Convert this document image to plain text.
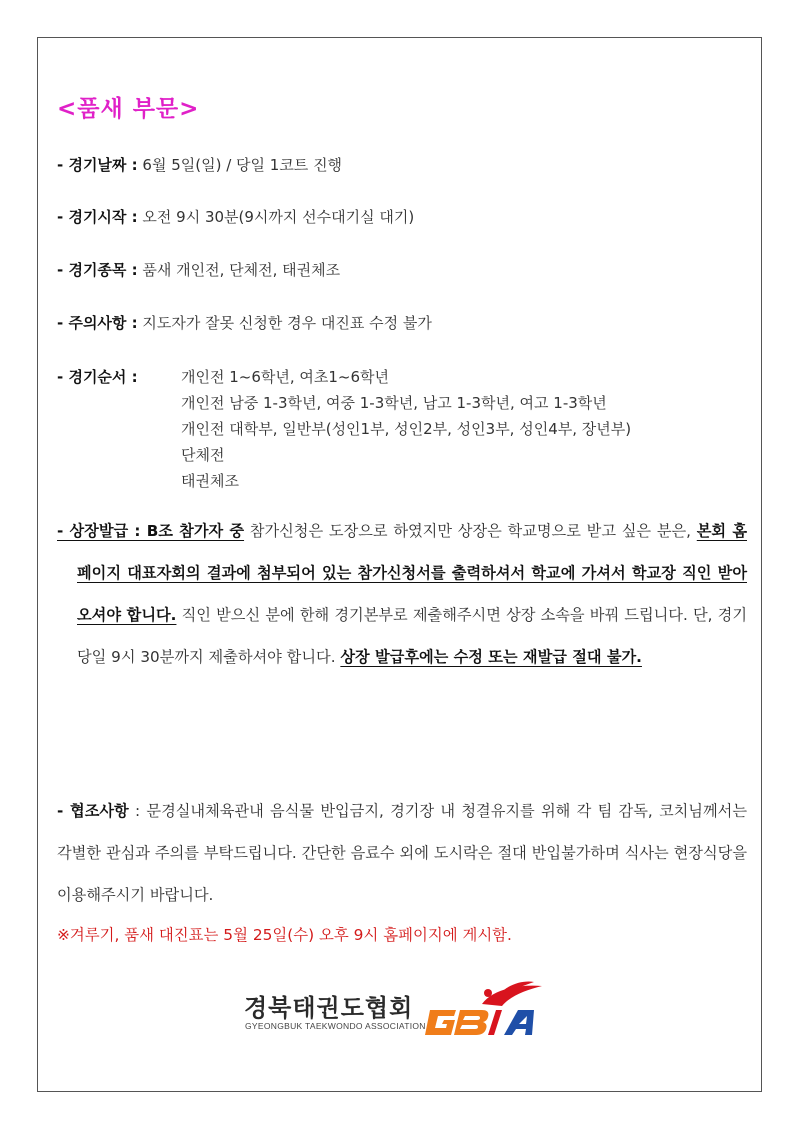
<품새 부문>
- 경기날짜 : 6월 5일(일) / 당일 1코트 진행
- 경기시작 : 오전 9시 30분(9시까지 선수대기실 대기)
- 경기종목 : 품새 개인전, 단체전, 태권체조
- 주의사항 : 지도자가 잘못 신청한 경우 대진표 수정 불가
- 경기순서 :	개인전 1~6학년, 여초1~6학년
개인전 남중 1-3학년, 여중 1-3학년, 남고 1-3학년, 여고 1-3학년
개인전 대학부, 일반부(성인1부, 성인2부, 성인3부, 성인4부, 장년부)
단체전
태권체조
- 상장발급 : B조 참가자 중 참가신청은 도장으로 하였지만 상장은 학교명으로 받고 싶은 분은, 본회 홈페이지 대표자회의 결과에 첨부되어 있는 참가신청서를 출력하셔서 학교에 가셔서 학교장 직인 받아오셔야 합니다. 직인 받으신 분에 한해 경기본부로 제출해주시면 상장 소속을 바꿔 드립니다. 단, 경기당일 9시 30분까지 제출하셔야 합니다. 상장 발급후에는 수정 또는 재발급 절대 불가.
- 협조사항 : 문경실내체육관내 음식물 반입금지, 경기장 내 청결유지를 위해 각 팀 감독, 코치님께서는 각별한 관심과 주의를 부탁드립니다. 간단한 음료수 외에 도시락은 절대 반입불가하며 식사는 현장식당을 이용해주시기 바랍니다.
※겨루기, 품새 대진표는 5월 25일(수) 오후 9시 홈페이지에 게시함.
경북태권도협회
GYEONGBUK TAEKWONDO ASSOCIATION
